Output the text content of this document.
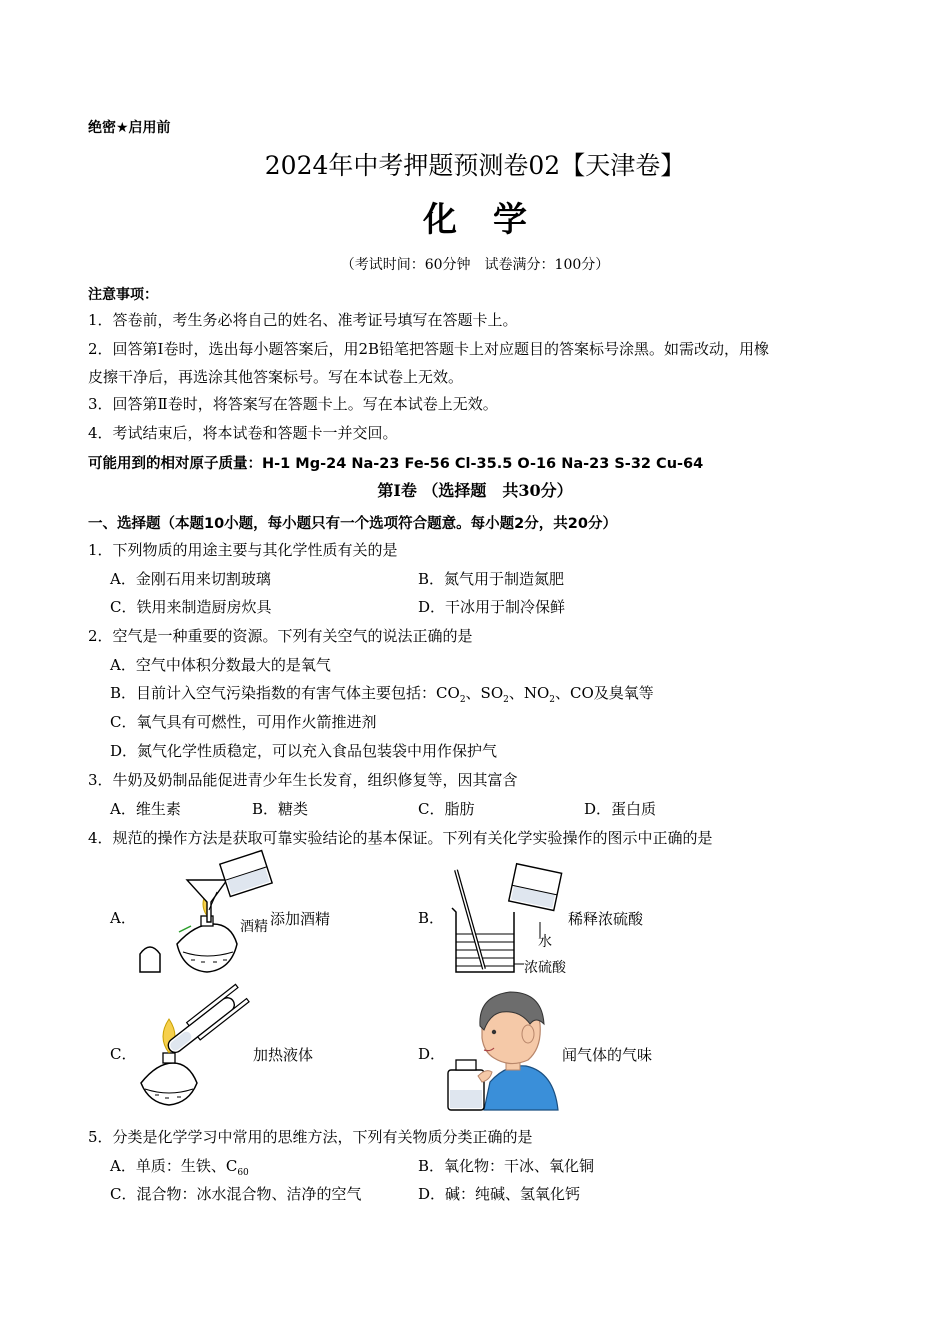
绝密★启用前
2024年中考押题预测卷02【天津卷】
化学
（考试时间：60分钟　试卷满分：100分）
注意事项：
1．答卷前，考生务必将自己的姓名、准考证号填写在答题卡上。
2．回答第Ⅰ卷时，选出每小题答案后，用2B铅笔把答题卡上对应题目的答案标号涂黑。如需改动，用橡
皮擦干净后，再选涂其他答案标号。写在本试卷上无效。
3．回答第Ⅱ卷时，将答案写在答题卡上。写在本试卷上无效。
4．考试结束后，将本试卷和答题卡一并交回。
可能用到的相对原子质量：H-1 Mg-24 Na-23 Fe-56 Cl-35.5 O-16 Na-23 S-32 Cu-64
第Ⅰ卷 （选择题　共30分）
一、选择题（本题10小题，每小题只有一个选项符合题意。每小题2分，共20分）
1．下列物质的用途主要与其化学性质有关的是
A．金刚石用来切割玻璃	B．氮气用于制造氮肥
C．铁用来制造厨房炊具	D．干冰用于制冷保鲜
2．空气是一种重要的资源。下列有关空气的说法正确的是
A．空气中体积分数最大的是氧气
B．目前计入空气污染指数的有害气体主要包括：$CO_2$、$SO_2$、$NO_2$、CO及臭氧等
C．氧气具有可燃性，可用作火箭推进剂
D．氮气化学性质稳定，可以充入食品包装袋中用作保护气
3．牛奶及奶制品能促进青少年生长发育，组织修复等，因其富含
A．维生素	B．糖类	C．脂肪	D．蛋白质
4．规范的操作方法是获取可靠实验结论的基本保证。下列有关化学实验操作的图示中正确的是
A．	酒精 添加酒精	B．
水
浓硫酸
稀释浓硫酸
C．	加热液体	D．	闻气体的气味
5．分类是化学学习中常用的思维方法，下列有关物质分类正确的是
A．单质：生铁、$C_{60}$	B．氧化物：干冰、氧化铜
C．混合物：冰水混合物、洁净的空气	D．碱：纯碱、氢氧化钙
